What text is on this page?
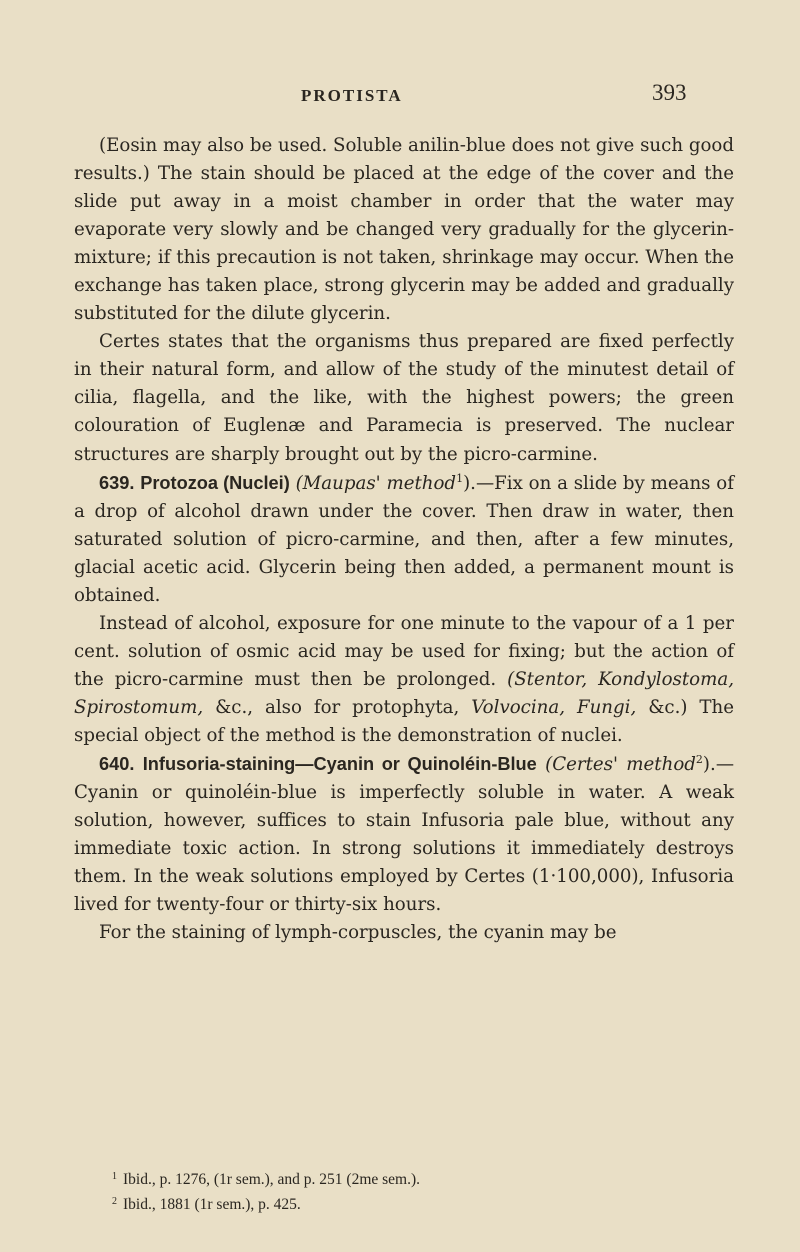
PROTISTA	393

(Eosin may also be used. Soluble anilin-blue does not give such good results.) The stain should be placed at the edge of the cover and the slide put away in a moist chamber in order that the water may evaporate very slowly and be changed very gradually for the glycerin-mixture; if this precaution is not taken, shrinkage may occur. When the exchange has taken place, strong glycerin may be added and gradually substituted for the dilute glycerin.

Certes states that the organisms thus prepared are fixed perfectly in their natural form, and allow of the study of the minutest detail of cilia, flagella, and the like, with the highest powers; the green colouration of Euglenæ and Paramecia is preserved. The nuclear structures are sharply brought out by the picro-carmine.

639. Protozoa (Nuclei) (Maupas' method$^1$).—Fix on a slide by means of a drop of alcohol drawn under the cover. Then draw in water, then saturated solution of picro-carmine, and then, after a few minutes, glacial acetic acid. Glycerin being then added, a permanent mount is obtained.

Instead of alcohol, exposure for one minute to the vapour of a 1 per cent. solution of osmic acid may be used for fixing; but the action of the picro-carmine must then be prolonged. (Stentor, Kondylostoma, Spirostomum, &c., also for protophyta, Volvocina, Fungi, &c.) The special object of the method is the demonstration of nuclei.

640. Infusoria-staining—Cyanin or Quinoléin-Blue (Certes' method$^2$).—Cyanin or quinoléin-blue is imperfectly soluble in water. A weak solution, however, suffices to stain Infusoria pale blue, without any immediate toxic action. In strong solutions it immediately destroys them. In the weak solutions employed by Certes (1·100,000), Infusoria lived for twenty-four or thirty-six hours.

For the staining of lymph-corpuscles, the cyanin may be

$^1$ Ibid., p. 1276, (1r sem.), and p. 251 (2me sem.).
$^2$ Ibid., 1881 (1r sem.), p. 425.
